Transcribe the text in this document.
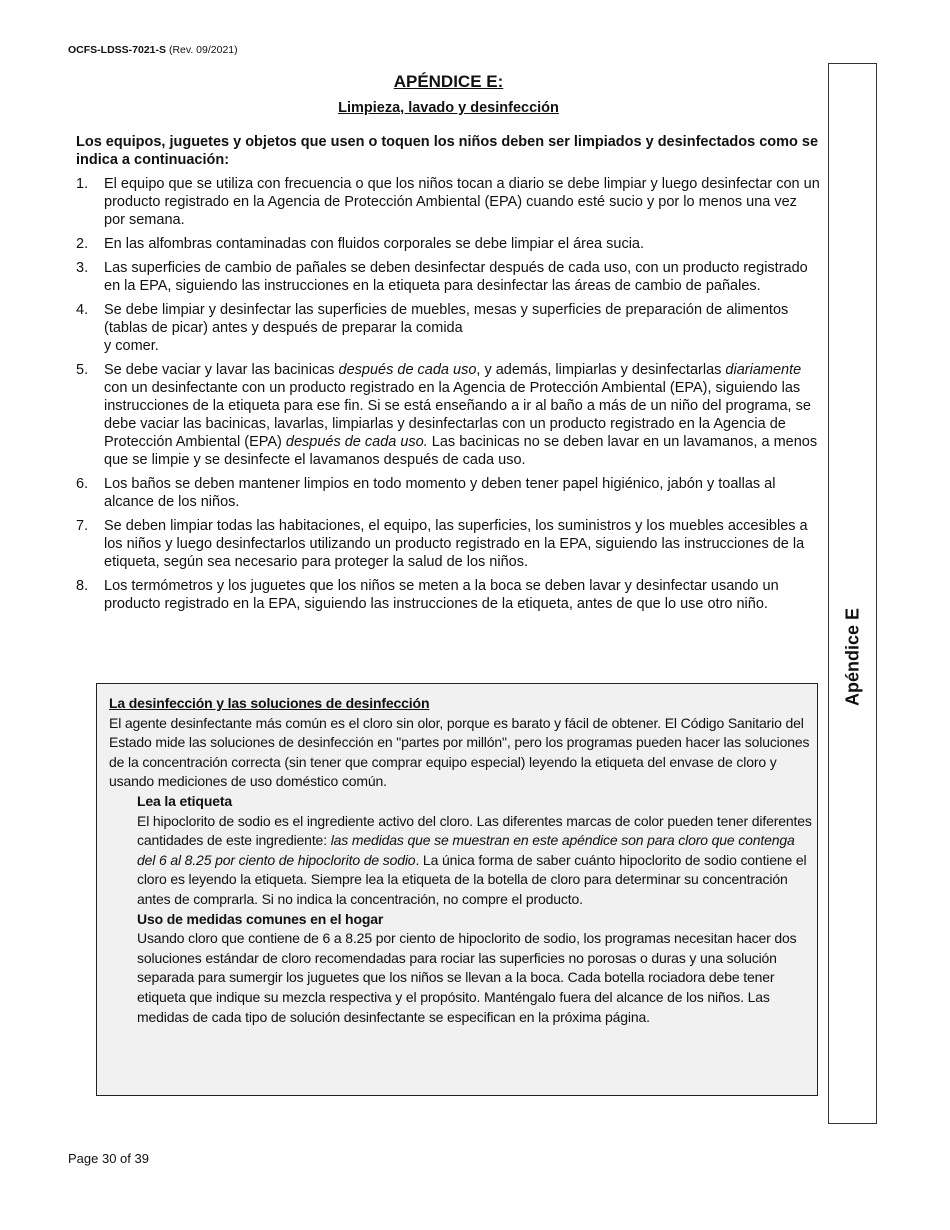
OCFS-LDSS-7021-S (Rev. 09/2021)
Apéndice E
APÉNDICE E:
Limpieza, lavado y desinfección

Los equipos, juguetes y objetos que usen o toquen los niños deben ser limpiados y desinfectados como se indica a continuación:

1. El equipo que se utiliza con frecuencia o que los niños tocan a diario se debe limpiar y luego desinfectar con un producto registrado en la Agencia de Protección Ambiental (EPA) cuando esté sucio y por lo menos una vez por semana.
2. En las alfombras contaminadas con fluidos corporales se debe limpiar el área sucia.
3. Las superficies de cambio de pañales se deben desinfectar después de cada uso, con un producto registrado en la EPA, siguiendo las instrucciones en la etiqueta para desinfectar las áreas de cambio de pañales.
4. Se debe limpiar y desinfectar las superficies de muebles, mesas y superficies de preparación de alimentos (tablas de picar) antes y después de preparar la comida
y comer.
5. Se debe vaciar y lavar las bacinicas después de cada uso, y además, limpiarlas y desinfectarlas diariamente con un desinfectante con un producto registrado en la Agencia de Protección Ambiental (EPA), siguiendo las instrucciones de la etiqueta para ese fin. Si se está enseñando a ir al baño a más de un niño del programa, se debe vaciar las bacinicas, lavarlas, limpiarlas y desinfectarlas con un producto registrado en la Agencia de Protección Ambiental (EPA) después de cada uso. Las bacinicas no se deben lavar en un lavamanos, a menos que se limpie y se desinfecte el lavamanos después de cada uso.
6. Los baños se deben mantener limpios en todo momento y deben tener papel higiénico, jabón y toallas al alcance de los niños.
7. Se deben limpiar todas las habitaciones, el equipo, las superficies, los suministros y los muebles accesibles a los niños y luego desinfectarlos utilizando un producto registrado en la EPA, siguiendo las instrucciones de la etiqueta, según sea necesario para proteger la salud de los niños.
8. Los termómetros y los juguetes que los niños se meten a la boca se deben lavar y desinfectar usando un producto registrado en la EPA, siguiendo las instrucciones de la etiqueta, antes de que lo use otro niño.

La desinfección y las soluciones de desinfección

El agente desinfectante más común es el cloro sin olor, porque es barato y fácil de obtener. El Código Sanitario del Estado mide las soluciones de desinfección en "partes por millón", pero los programas pueden hacer las soluciones de la concentración correcta (sin tener que comprar equipo especial) leyendo la etiqueta del envase de cloro y usando mediciones de uso doméstico común.

Lea la etiqueta

El hipoclorito de sodio es el ingrediente activo del cloro. Las diferentes marcas de color pueden tener diferentes cantidades de este ingrediente: las medidas que se muestran en este apéndice son para cloro que contenga del 6 al 8.25 por ciento de hipoclorito de sodio. La única forma de saber cuánto hipoclorito de sodio contiene el cloro es leyendo la etiqueta. Siempre lea la etiqueta de la botella de cloro para determinar su concentración antes de comprarla. Si no indica la concentración, no compre el producto.

Uso de medidas comunes en el hogar

Usando cloro que contiene de 6 a 8.25 por ciento de hipoclorito de sodio, los programas necesitan hacer dos soluciones estándar de cloro recomendadas para rociar las superficies no porosas o duras y una solución separada para sumergir los juguetes que los niños se llevan a la boca. Cada botella rociadora debe tener etiqueta que indique su mezcla respectiva y el propósito. Manténgalo fuera del alcance de los niños. Las medidas de cada tipo de solución desinfectante se especifican en la próxima página.

Page 30 of 39
